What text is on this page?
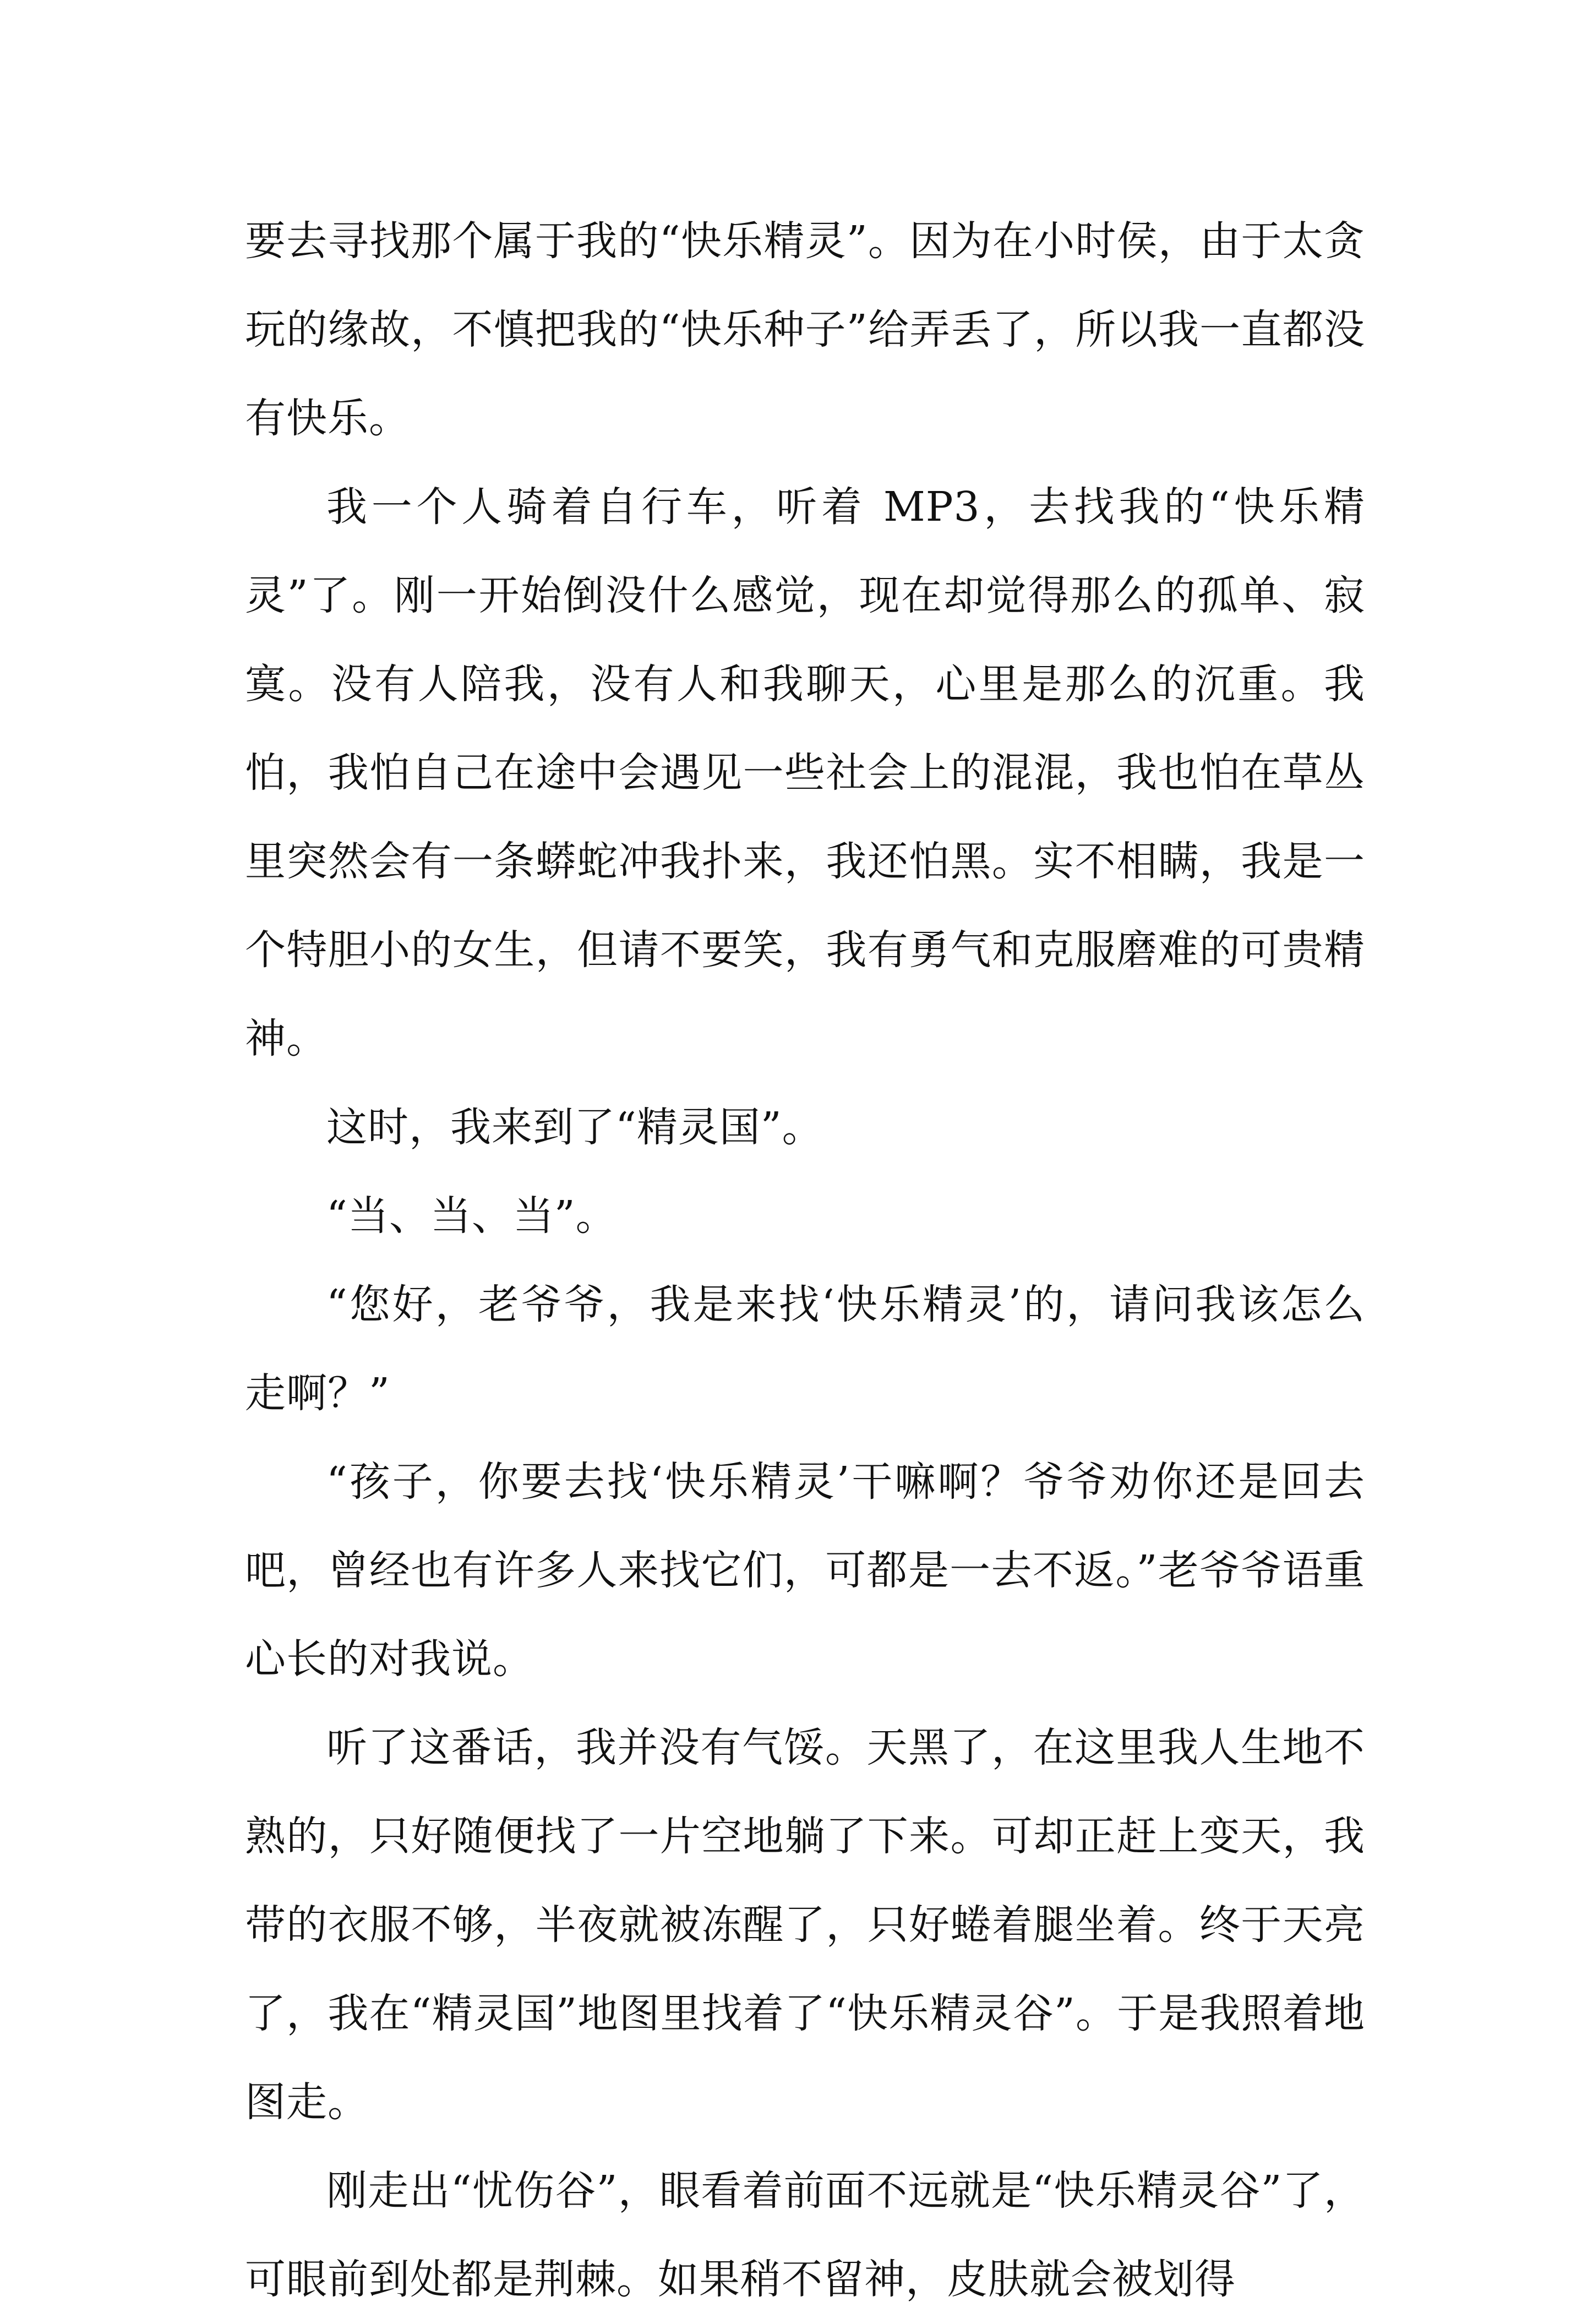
要去寻找那个属于我的“快乐精灵”。因为在小时侯，由于太贪玩的缘故，不慎把我的“快乐种子”给弄丢了，所以我一直都没有快乐。

我一个人骑着自行车，听着 MP3，去找我的“快乐精灵”了。刚一开始倒没什么感觉，现在却觉得那么的孤单、寂寞。没有人陪我，没有人和我聊天，心里是那么的沉重。我怕，我怕自己在途中会遇见一些社会上的混混，我也怕在草丛里突然会有一条蟒蛇冲我扑来，我还怕黑。实不相瞒，我是一个特胆小的女生，但请不要笑，我有勇气和克服磨难的可贵精神。

这时，我来到了“精灵国”。

“当、当、当”。

“您好，老爷爷，我是来找‘快乐精灵’的，请问我该怎么走啊？”

“孩子，你要去找‘快乐精灵’干嘛啊？爷爷劝你还是回去吧，曾经也有许多人来找它们，可都是一去不返。”老爷爷语重心长的对我说。

听了这番话，我并没有气馁。天黑了，在这里我人生地不熟的，只好随便找了一片空地躺了下来。可却正赶上变天，我带的衣服不够，半夜就被冻醒了，只好蜷着腿坐着。终于天亮了，我在“精灵国”地图里找着了“快乐精灵谷”。于是我照着地图走。

刚走出“忧伤谷”，眼看着前面不远就是“快乐精灵谷”了，可眼前到处都是荆棘。如果稍不留神，皮肤就会被划得
